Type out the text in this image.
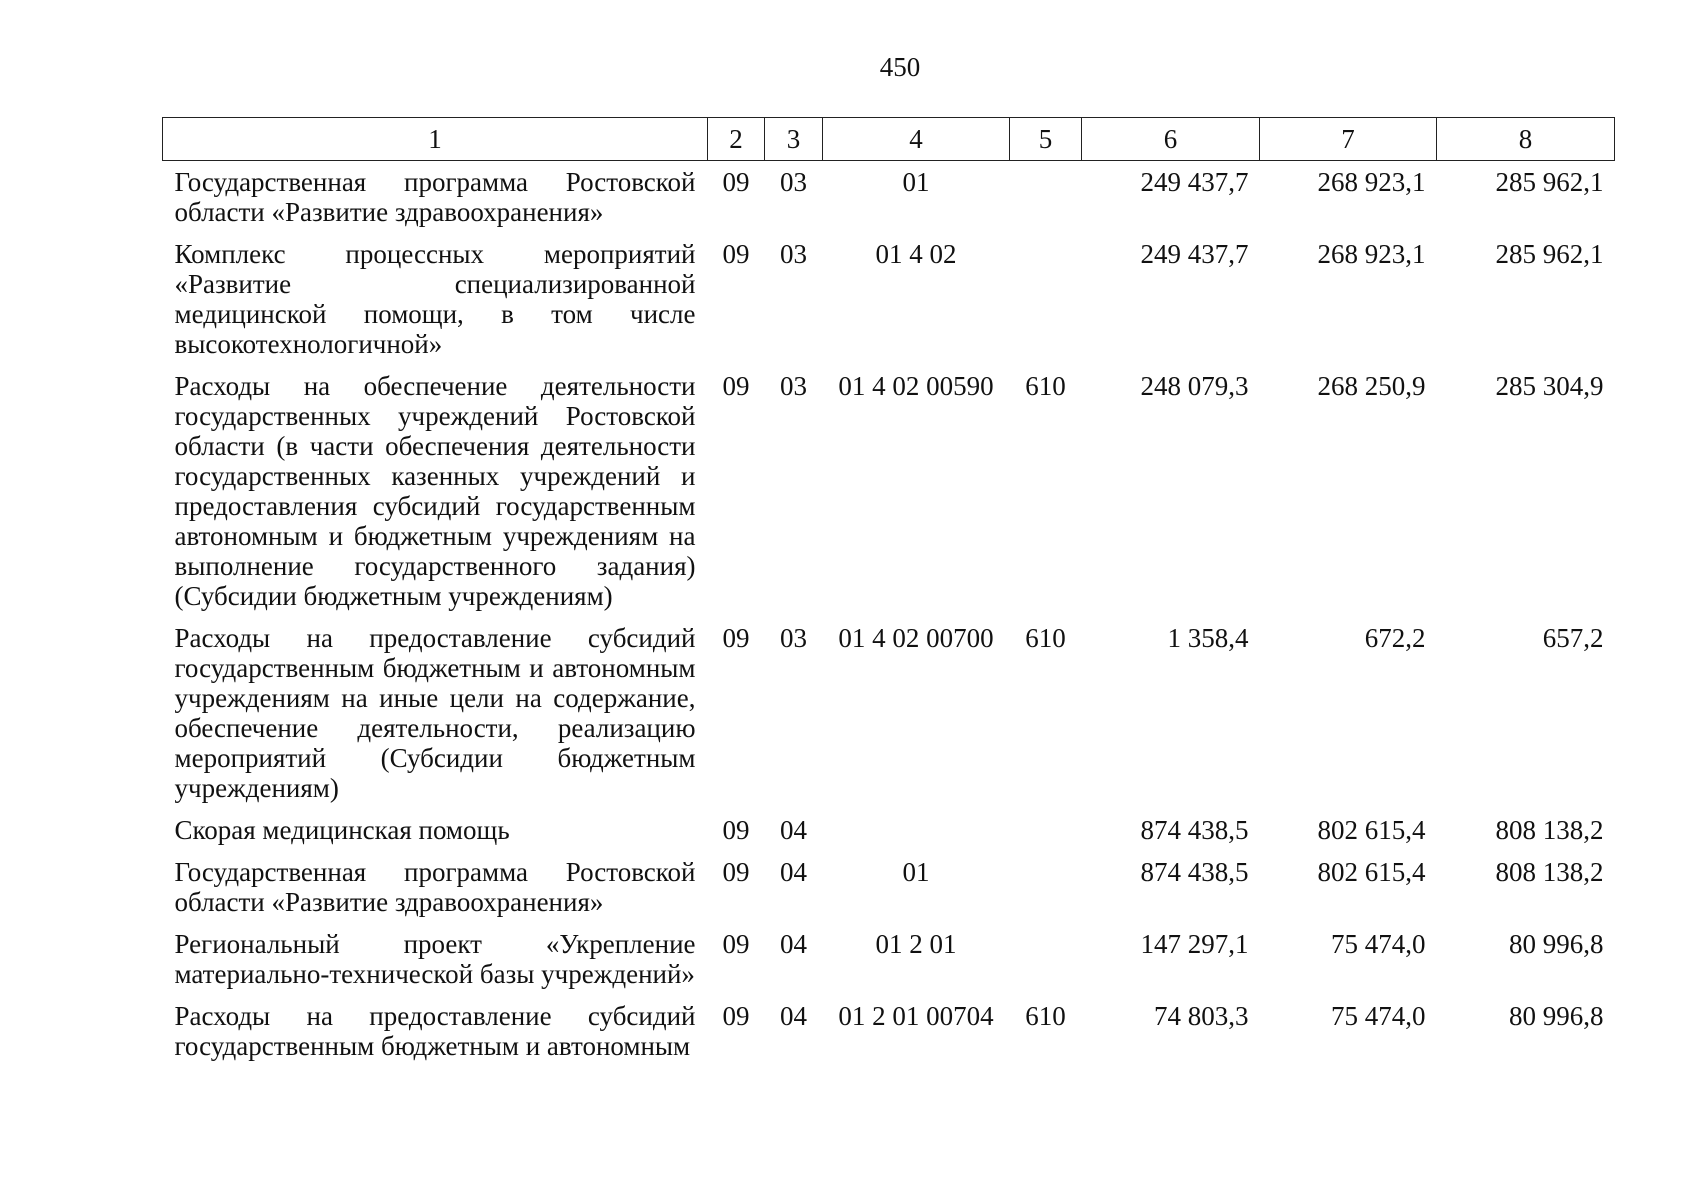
450
1	2	3	4	5	6	7	8
Государственная программа Ростовской области «Развитие здравоохранения»	09	03	01		249 437,7	268 923,1	285 962,1
Комплекс процессных мероприятий «Развитие специализированной медицинской помощи, в том числе высокотехнологичной»	09	03	01 4 02		249 437,7	268 923,1	285 962,1
Расходы на обеспечение деятельности государственных учреждений Ростовской области (в части обеспечения деятельности государственных казенных учреждений и предоставления субсидий государственным автономным и бюджетным учреждениям на выполнение государственного задания) (Субсидии бюджетным учреждениям)	09	03	01 4 02 00590	610	248 079,3	268 250,9	285 304,9
Расходы на предоставление субсидий государственным бюджетным и автономным учреждениям на иные цели на содержание, обеспечение деятельности, реализацию мероприятий (Субсидии бюджетным учреждениям)	09	03	01 4 02 00700	610	1 358,4	672,2	657,2
Скорая медицинская помощь	09	04			874 438,5	802 615,4	808 138,2
Государственная программа Ростовской области «Развитие здравоохранения»	09	04	01		874 438,5	802 615,4	808 138,2
Региональный проект «Укрепление материально-технической базы учреждений»	09	04	01 2 01		147 297,1	75 474,0	80 996,8
Расходы на предоставление субсидий государственным бюджетным и автономным	09	04	01 2 01 00704	610	74 803,3	75 474,0	80 996,8
